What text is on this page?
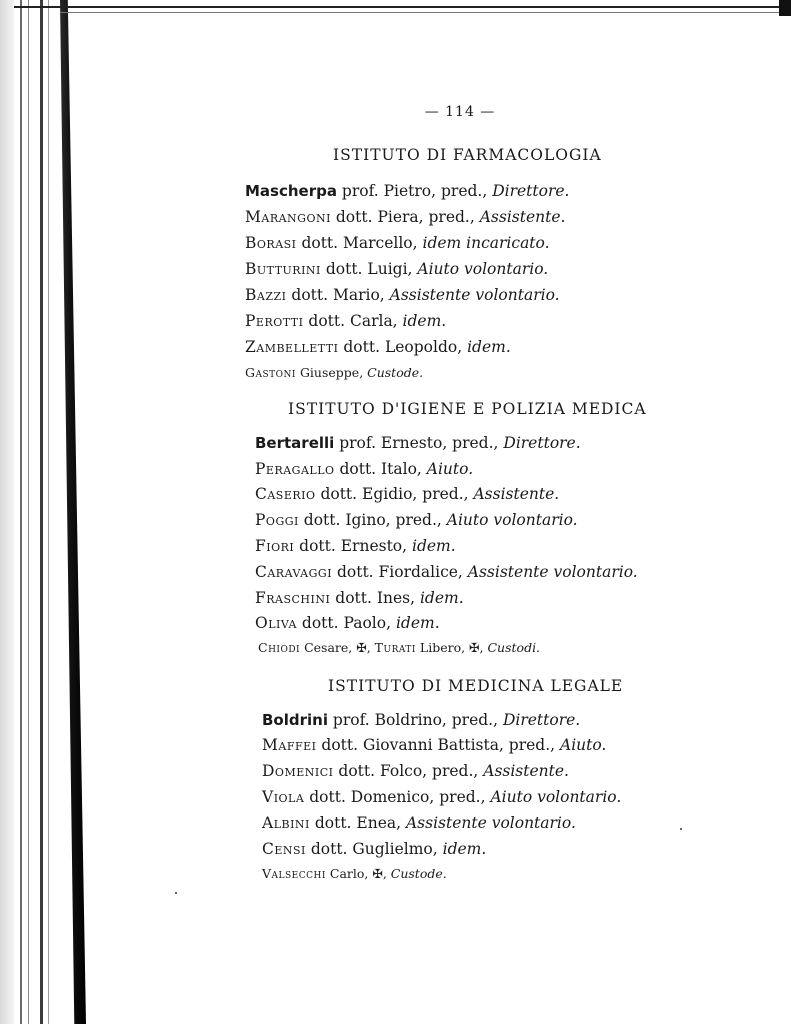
— 114 —
ISTITUTO DI FARMACOLOGIA
Mascherpa prof. Pietro, pred., Direttore.
Marangoni dott. Piera, pred., Assistente.
Borasi dott. Marcello, idem incaricato.
Butturini dott. Luigi, Aiuto volontario.
Bazzi dott. Mario, Assistente volontario.
Perotti dott. Carla, idem.
Zambelletti dott. Leopoldo, idem.
Gastoni Giuseppe, Custode.
ISTITUTO D'IGIENE E POLIZIA MEDICA
Bertarelli prof. Ernesto, pred., Direttore.
Peragallo dott. Italo, Aiuto.
Caserio dott. Egidio, pred., Assistente.
Poggi dott. Igino, pred., Aiuto volontario.
Fiori dott. Ernesto, idem.
Caravaggi dott. Fiordalice, Assistente volontario.
Fraschini dott. Ines, idem.
Oliva dott. Paolo, idem.
Chiodi Cesare, ✠, Turati Libero, ✠, Custodi.
ISTITUTO DI MEDICINA LEGALE
Boldrini prof. Boldrino, pred., Direttore.
Maffei dott. Giovanni Battista, pred., Aiuto.
Domenici dott. Folco, pred., Assistente.
Viola dott. Domenico, pred., Aiuto volontario.
Albini dott. Enea, Assistente volontario.
Censi dott. Guglielmo, idem.
Valsecchi Carlo, ✠, Custode.
